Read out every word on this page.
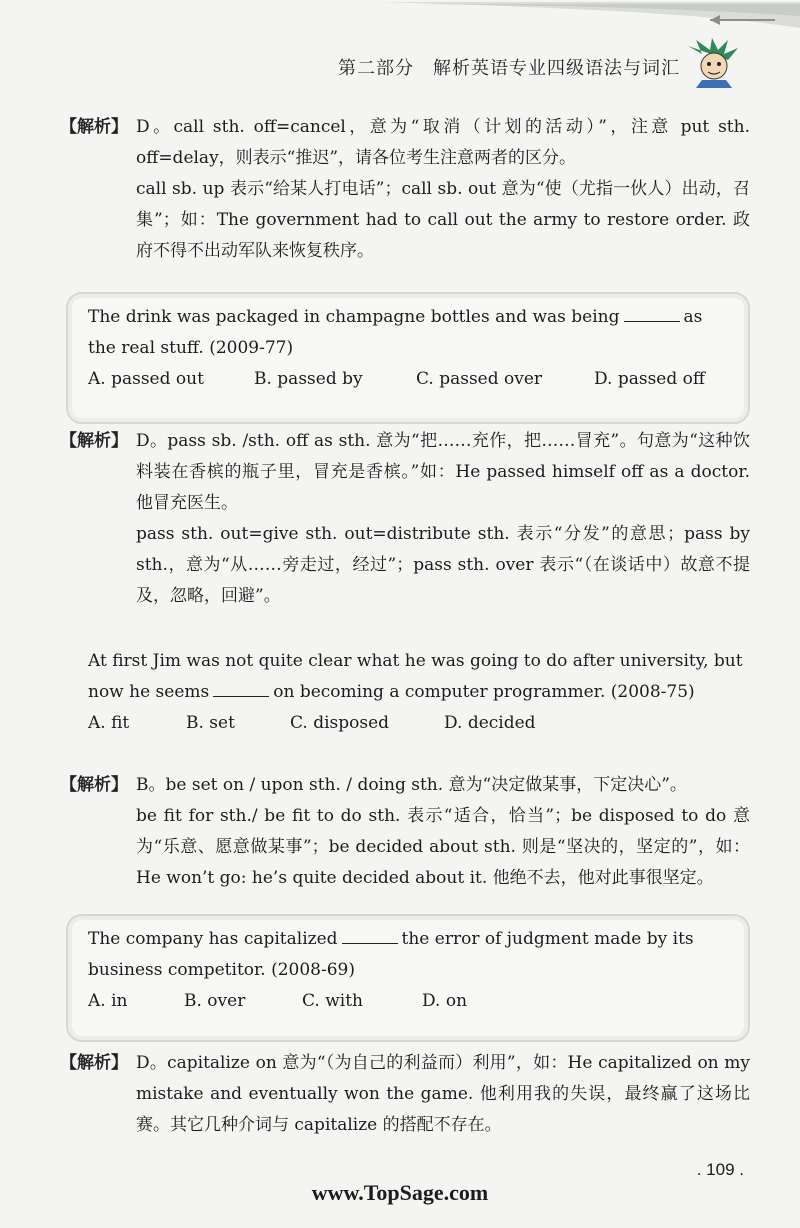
第二部分　解析英语专业四级语法与词汇
【解析】 D。call sth. off=cancel，意为“取消（计划的活动）”，注意 put sth. off=delay，则表示“推迟”，请各位考生注意两者的区分。

call sb. up 表示“给某人打电话”；call sb. out 意为“使（尤指一伙人）出动，召集”；如：The government had to call out the army to restore order. 政府不得不出动军队来恢复秩序。

The drink was packaged in champagne bottles and was being	as the real stuff. (2009-77)
A. passed out	B. passed by	C. passed over	D. passed off
【解析】 D。pass sb. /sth. off as sth. 意为“把……充作，把……冒充”。句意为“这种饮料装在香槟的瓶子里，冒充是香槟。”如：He passed himself off as a doctor. 他冒充医生。

pass sth. out=give sth. out=distribute sth. 表示“分发”的意思；pass by sth.，意为“从……旁走过，经过”；pass sth. over 表示“（在谈话中）故意不提及，忽略，回避”。

At first Jim was not quite clear what he was going to do after university, but now he seems	on becoming a computer programmer. (2008-75)
A. fit	B. set	C. disposed	D. decided
【解析】 B。be set on / upon sth. / doing sth. 意为“决定做某事，下定决心”。

be fit for sth./ be fit to do sth. 表示“适合，恰当”；be disposed to do 意为“乐意、愿意做某事”；be decided about sth. 则是“坚决的，坚定的”，如：He won’t go: he’s quite decided about it. 他绝不去，他对此事很坚定。

The company has capitalized	the error of judgment made by its business competitor. (2008-69)
A. in	B. over	C. with	D. on
【解析】 D。capitalize on 意为“（为自己的利益而）利用”，如：He capitalized on my mistake and eventually won the game. 他利用我的失误，最终赢了这场比赛。其它几种介词与 capitalize 的搭配不存在。

. 109 .
www.TopSage.com
